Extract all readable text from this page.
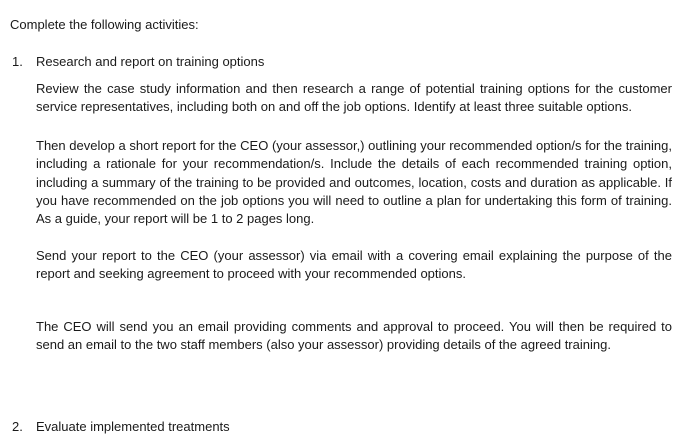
Complete the following activities:
1. Research and report on training options

Review the case study information and then research a range of potential training options for the customer service representatives, including both on and off the job options. Identify at least three suitable options.

Then develop a short report for the CEO (your assessor,) outlining your recommended option/s for the training, including a rationale for your recommendation/s. Include the details of each recommended training option, including a summary of the training to be provided and outcomes, location, costs and duration as applicable. If you have recommended on the job options you will need to outline a plan for undertaking this form of training. As a guide, your report will be 1 to 2 pages long.

Send your report to the CEO (your assessor) via email with a covering email explaining the purpose of the report and seeking agreement to proceed with your recommended options.

The CEO will send you an email providing comments and approval to proceed. You will then be required to send an email to the two staff members (also your assessor) providing details of the agreed training.

2. Evaluate implemented treatments
